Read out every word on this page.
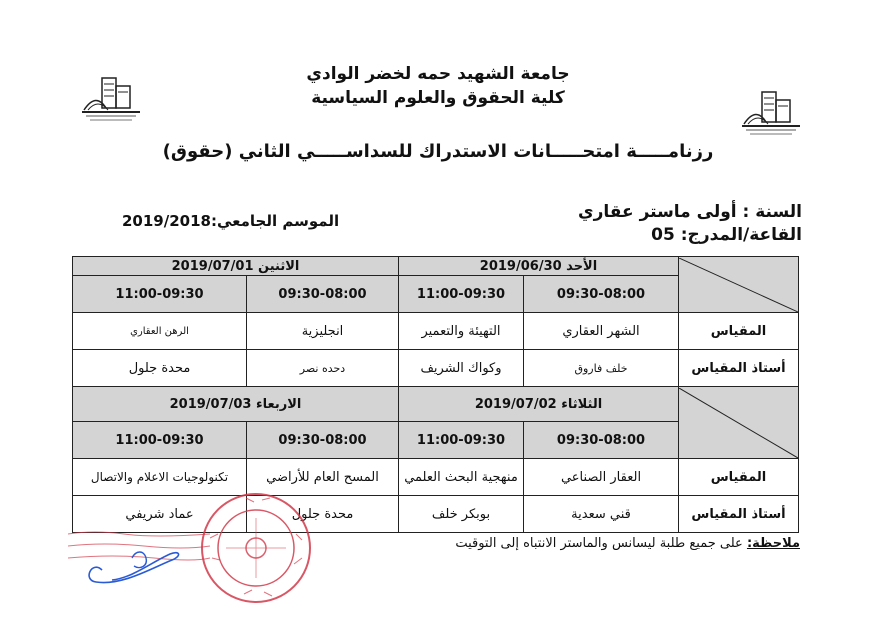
جامعة الشهيد حمه لخضر الوادي
كلية الحقوق والعلوم السياسية
رزنامـــــة امتحـــــانات الاستدراك للسداســـــي الثاني (حقوق)
السنة : أولى ماستر عقاري
القاعة/المدرج: 05
الموسم الجامعي:2019/2018
	الأحد 2019/06/30		الاثنين 2019/07/01	
	09:30-08:00	11:00-09:30	09:30-08:00	11:00-09:30
المقياس	الشهر العقاري	التهيئة والتعمير	انجليزية	الرهن العقاري
أستاذ المقياس	خلف فاروق	وكواك الشريف	دحده نصر	محدة جلول

	الثلاثاء 2019/07/02		الاربعاء 2019/07/03	
	09:30-08:00	11:00-09:30	09:30-08:00	11:00-09:30
المقياس	العقار الصناعي	منهجية البحث العلمي	المسح العام للأراضي	تكنولوجيات الاعلام والاتصال
أستاذ المقياس	قني سعدية	بوبكر خلف	محدة جلول	عماد شريفي
ملاحظة: على جميع طلبة ليسانس والماستر الانتباه إلى التوقيت
